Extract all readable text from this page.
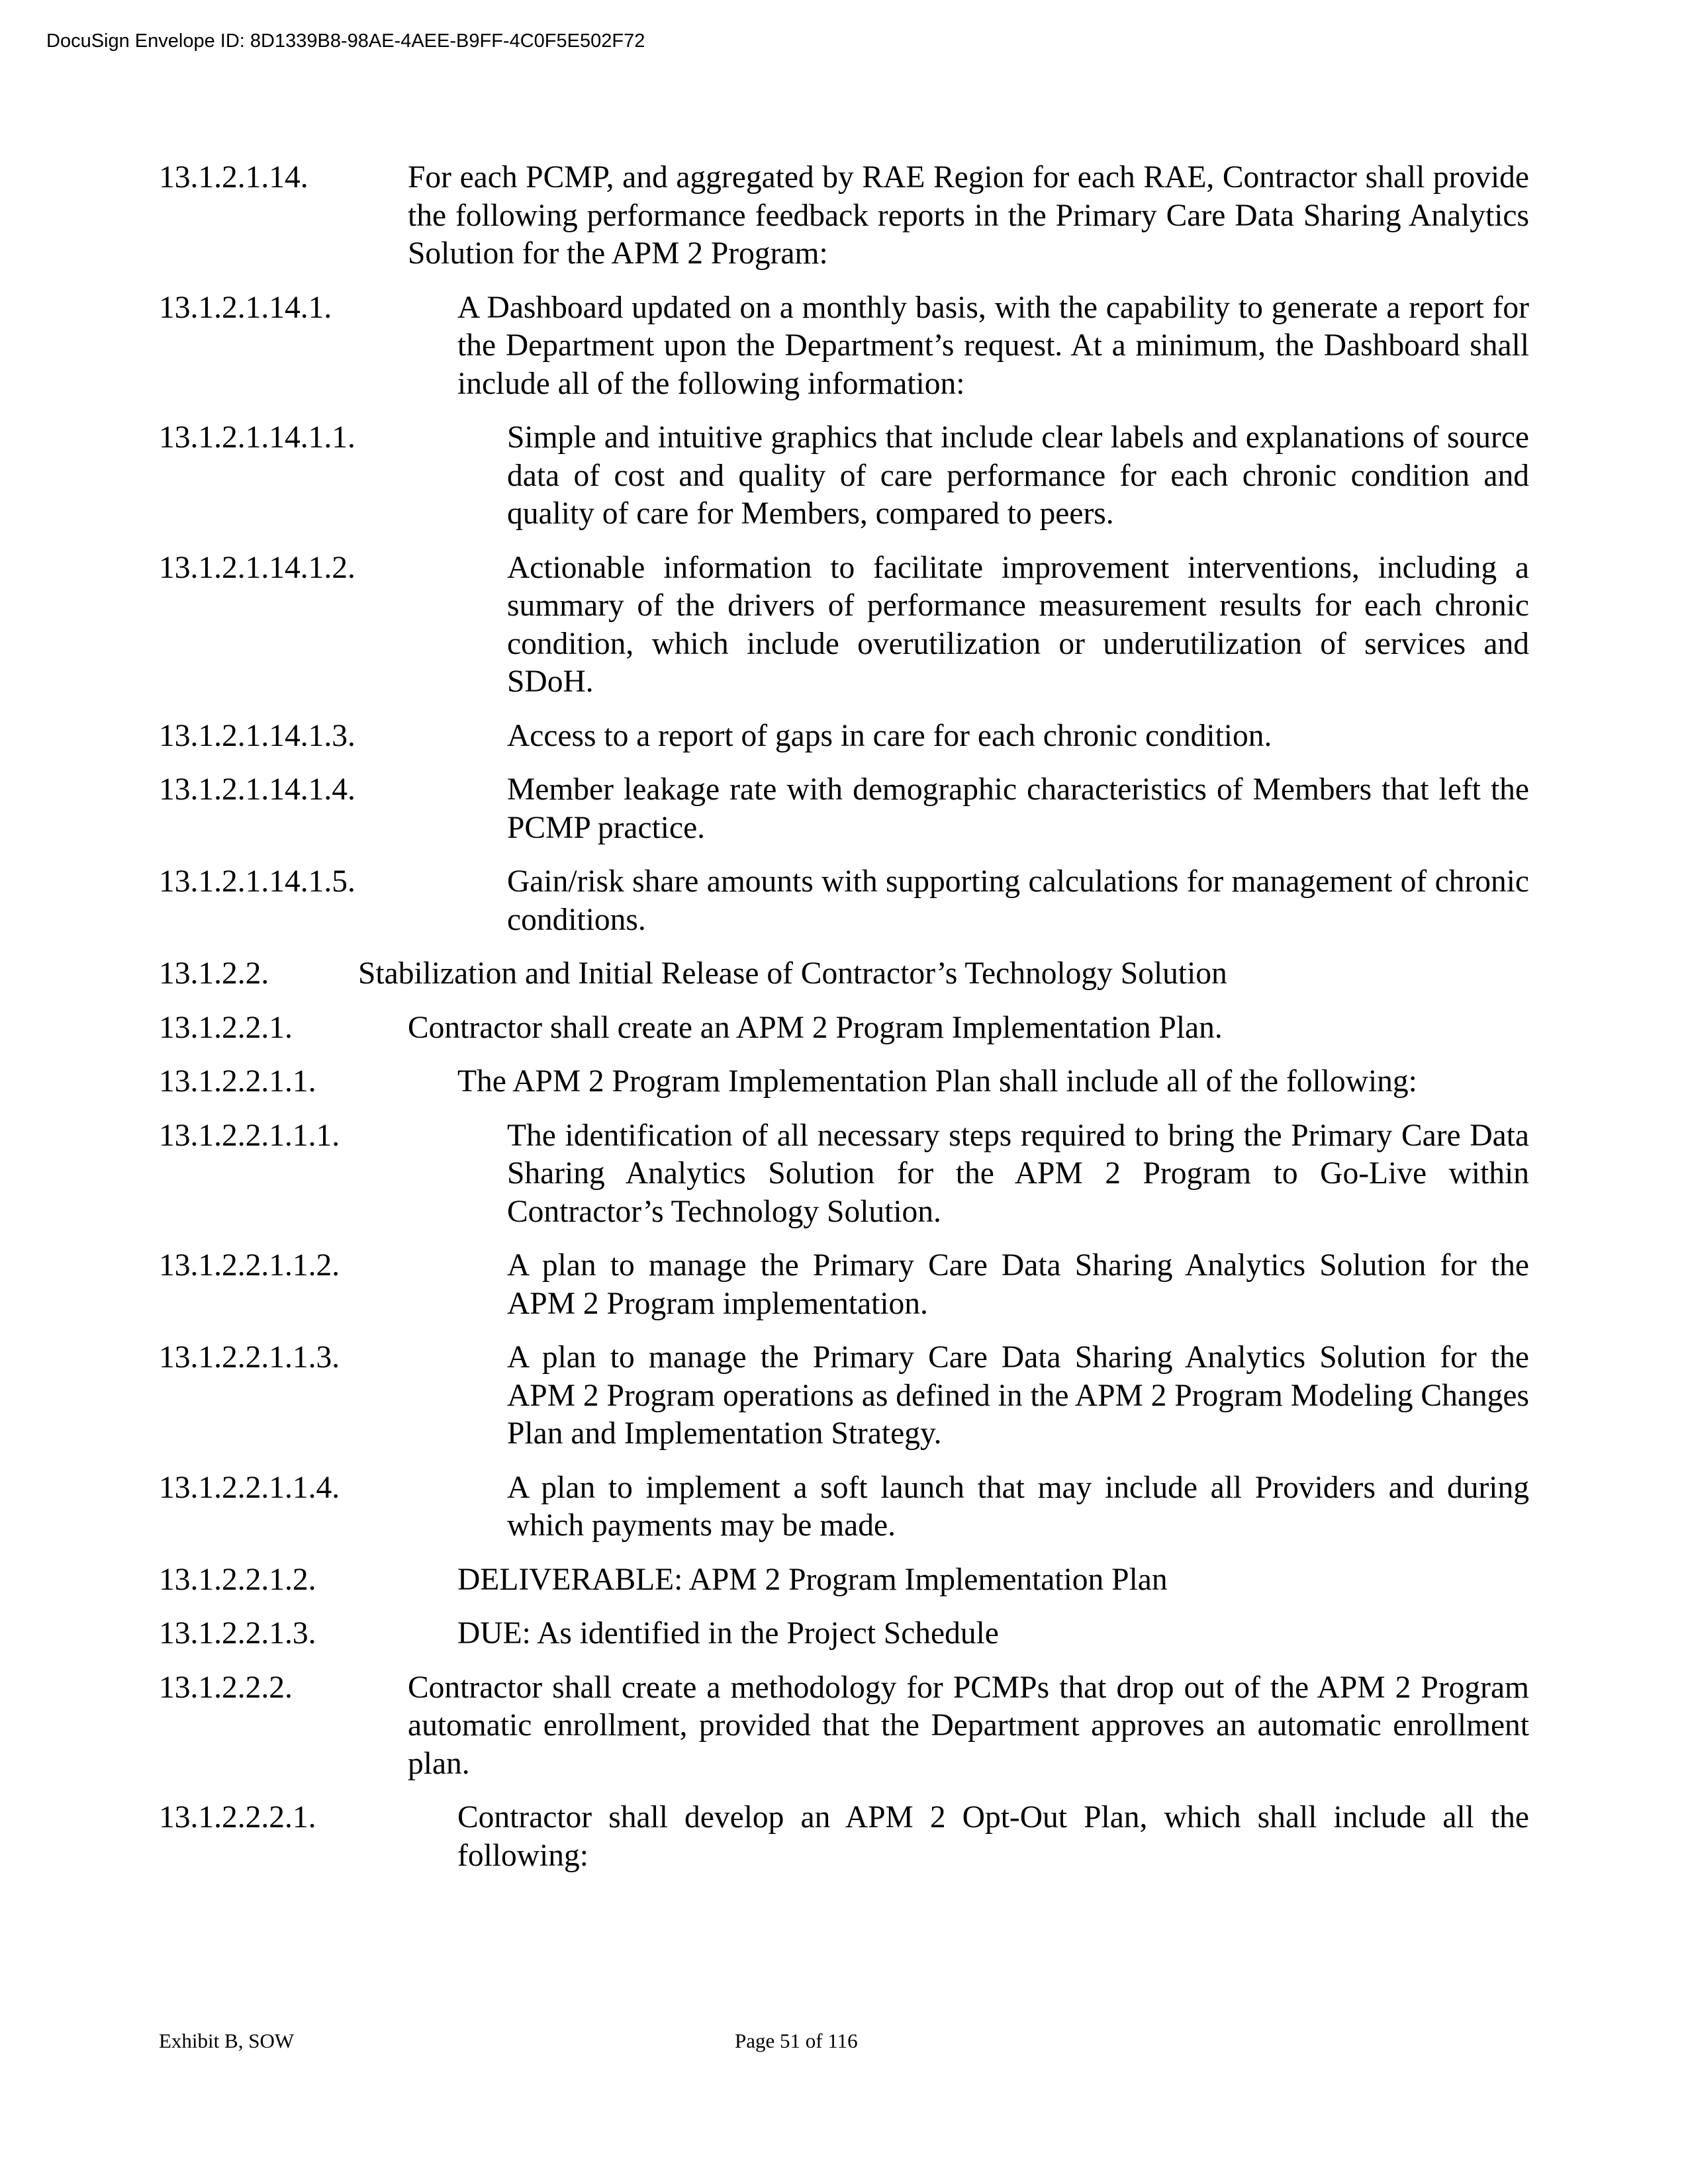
DocuSign Envelope ID: 8D1339B8-98AE-4AEE-B9FF-4C0F5E502F72
13.1.2.1.14.	For each PCMP, and aggregated by RAE Region for each RAE, Contractor shall provide the following performance feedback reports in the Primary Care Data Sharing Analytics Solution for the APM 2 Program:
13.1.2.1.14.1.	A Dashboard updated on a monthly basis, with the capability to generate a report for the Department upon the Department’s request. At a minimum, the Dashboard shall include all of the following information:
13.1.2.1.14.1.1.	Simple and intuitive graphics that include clear labels and explanations of source data of cost and quality of care performance for each chronic condition and quality of care for Members, compared to peers.
13.1.2.1.14.1.2.	Actionable information to facilitate improvement interventions, including a summary of the drivers of performance measurement results for each chronic condition, which include overutilization or underutilization of services and SDoH.
13.1.2.1.14.1.3.	Access to a report of gaps in care for each chronic condition.
13.1.2.1.14.1.4.	Member leakage rate with demographic characteristics of Members that left the PCMP practice.
13.1.2.1.14.1.5.	Gain/risk share amounts with supporting calculations for management of chronic conditions.
13.1.2.2.	Stabilization and Initial Release of Contractor’s Technology Solution
13.1.2.2.1.	Contractor shall create an APM 2 Program Implementation Plan.
13.1.2.2.1.1.	The APM 2 Program Implementation Plan shall include all of the following:
13.1.2.2.1.1.1.	The identification of all necessary steps required to bring the Primary Care Data Sharing Analytics Solution for the APM 2 Program to Go-Live within Contractor’s Technology Solution.
13.1.2.2.1.1.2.	A plan to manage the Primary Care Data Sharing Analytics Solution for the APM 2 Program implementation.
13.1.2.2.1.1.3.	A plan to manage the Primary Care Data Sharing Analytics Solution for the APM 2 Program operations as defined in the APM 2 Program Modeling Changes Plan and Implementation Strategy.
13.1.2.2.1.1.4.	A plan to implement a soft launch that may include all Providers and during which payments may be made.
13.1.2.2.1.2.	DELIVERABLE: APM 2 Program Implementation Plan
13.1.2.2.1.3.	DUE: As identified in the Project Schedule
13.1.2.2.2.	Contractor shall create a methodology for PCMPs that drop out of the APM 2 Program automatic enrollment, provided that the Department approves an automatic enrollment plan.
13.1.2.2.2.1.	Contractor shall develop an APM 2 Opt-Out Plan, which shall include all the following:
Exhibit B, SOW	Page 51 of 116
